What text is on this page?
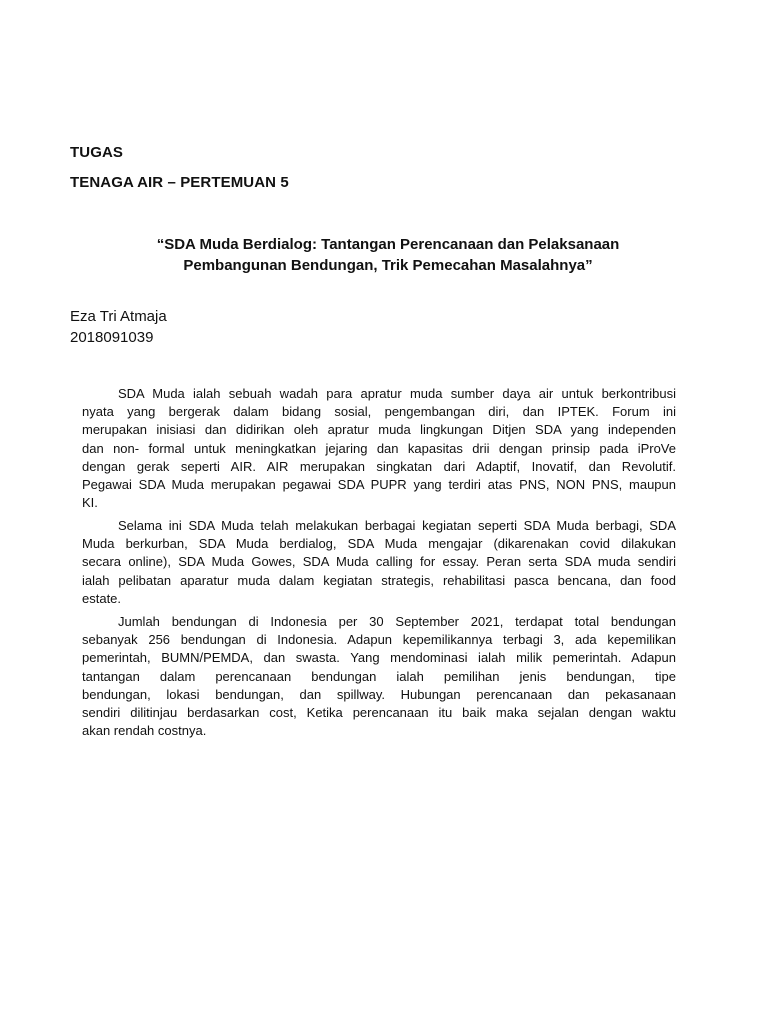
TUGAS
TENAGA AIR – PERTEMUAN 5
“SDA Muda Berdialog: Tantangan Perencanaan dan Pelaksanaan
Pembangunan Bendungan, Trik Pemecahan Masalahnya”
Eza Tri Atmaja
2018091039
SDA Muda ialah sebuah wadah para apratur muda sumber daya air untuk berkontribusi
nyata yang bergerak dalam bidang sosial, pengembangan diri, dan IPTEK. Forum ini
merupakan inisiasi dan didirikan oleh apratur muda lingkungan Ditjen SDA yang independen
dan non- formal untuk meningkatkan jejaring dan kapasitas drii dengan prinsip pada iProVe
dengan gerak seperti AIR. AIR merupakan singkatan dari Adaptif, Inovatif, dan Revolutif.
Pegawai SDA Muda merupakan pegawai SDA PUPR yang terdiri atas PNS, NON PNS, maupun
KI.
Selama ini SDA Muda telah melakukan berbagai kegiatan seperti SDA Muda berbagi, SDA
Muda berkurban, SDA Muda berdialog, SDA Muda mengajar (dikarenakan covid dilakukan
secara online), SDA Muda Gowes, SDA Muda calling for essay. Peran serta SDA muda sendiri
ialah pelibatan aparatur muda dalam kegiatan strategis, rehabilitasi pasca bencana, dan food
estate.
Jumlah bendungan di Indonesia per 30 September 2021, terdapat total bendungan
sebanyak 256 bendungan di Indonesia. Adapun kepemilikannya terbagi 3, ada kepemilikan
pemerintah, BUMN/PEMDA, dan swasta. Yang mendominasi ialah milik pemerintah. Adapun
tantangan dalam perencanaan bendungan ialah pemilihan jenis bendungan, tipe
bendungan, lokasi bendungan, dan spillway. Hubungan perencanaan dan pekasanaan
sendiri dilitinjau berdasarkan cost, Ketika perencanaan itu baik maka sejalan dengan waktu
akan rendah costnya.
